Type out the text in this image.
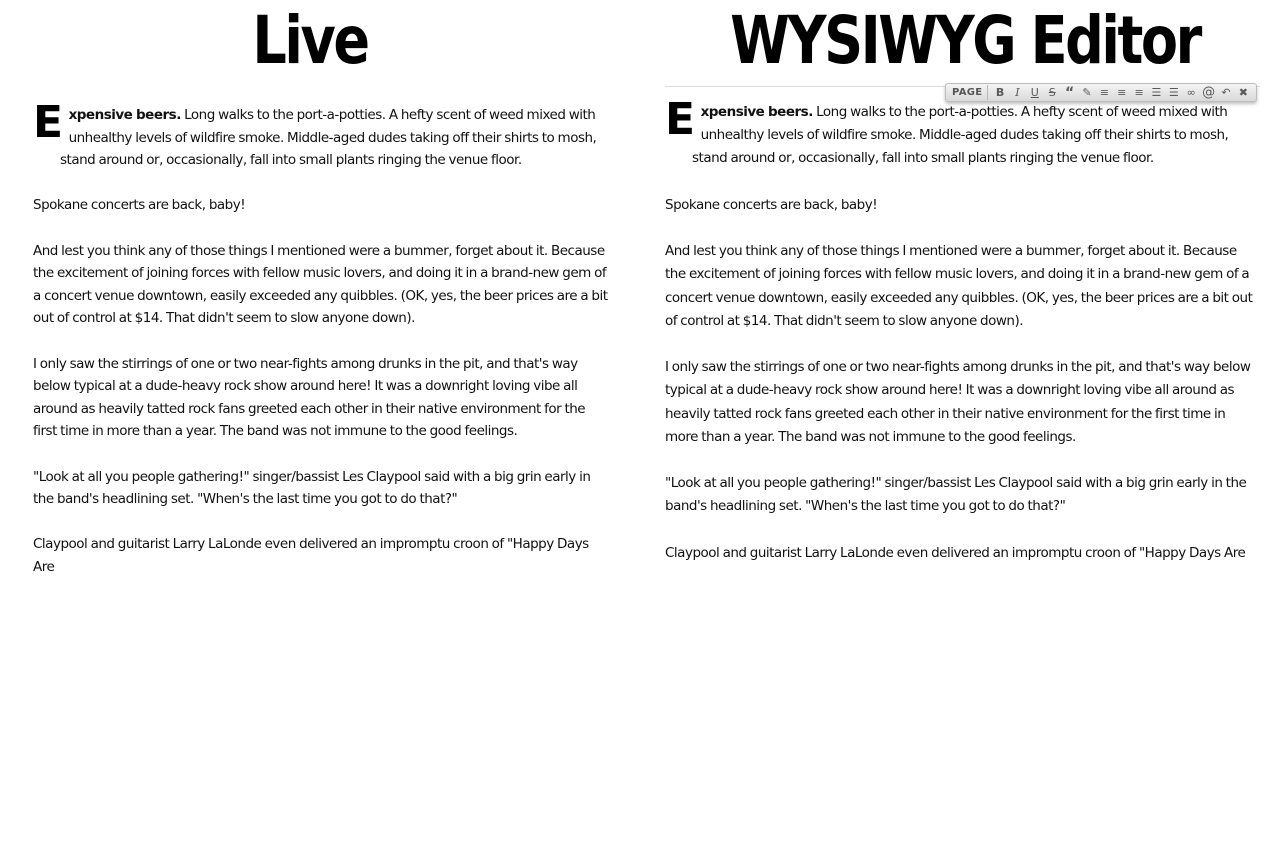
Live	WYSIWYG Editor

E xpensive beers. Long walks to the port-a-potties. A hefty scent of weed mixed with unhealthy levels of wildfire smoke. Middle-aged dudes taking off their shirts to mosh, stand around or, occasionally, fall into small plants ringing the venue floor.

Spokane concerts are back, baby!

And lest you think any of those things I mentioned were a bummer, forget about it. Because the excitement of joining forces with fellow music lovers, and doing it in a brand-new gem of a concert venue downtown, easily exceeded any quibbles. (OK, yes, the beer prices are a bit out of control at $14. That didn't seem to slow anyone down).

I only saw the stirrings of one or two near-fights among drunks in the pit, and that's way below typical at a dude-heavy rock show around here! It was a downright loving vibe all around as heavily tatted rock fans greeted each other in their native environment for the first time in more than a year. The band was not immune to the good feelings.

"Look at all you people gathering!" singer/bassist Les Claypool said with a big grin early in the band's headlining set. "When's the last time you got to do that?"

Claypool and guitarist Larry LaLonde even delivered an impromptu croon of "Happy Days Are

E xpensive beers. Long walks to the port-a-potties. A hefty scent of weed mixed with unhealthy levels of wildfire smoke. Middle-aged dudes taking off their shirts to mosh, stand around or, occasionally, fall into small plants ringing the venue floor.

Spokane concerts are back, baby!

And lest you think any of those things I mentioned were a bummer, forget about it. Because the excitement of joining forces with fellow music lovers, and doing it in a brand-new gem of a concert venue downtown, easily exceeded any quibbles. (OK, yes, the beer prices are a bit out of control at $14. That didn't seem to slow anyone down).

I only saw the stirrings of one or two near-fights among drunks in the pit, and that's way below typical at a dude-heavy rock show around here! It was a downright loving vibe all around as heavily tatted rock fans greeted each other in their native environment for the first time in more than a year. The band was not immune to the good feelings.

"Look at all you people gathering!" singer/bassist Les Claypool said with a big grin early in the band's headlining set. "When's the last time you got to do that?"

Claypool and guitarist Larry LaLonde even delivered an impromptu croon of "Happy Days Are

PAGE	B I U S “ ✎ ≡ ≡ ≡ ☰ ☰ ∞ @ ↶ ✖
